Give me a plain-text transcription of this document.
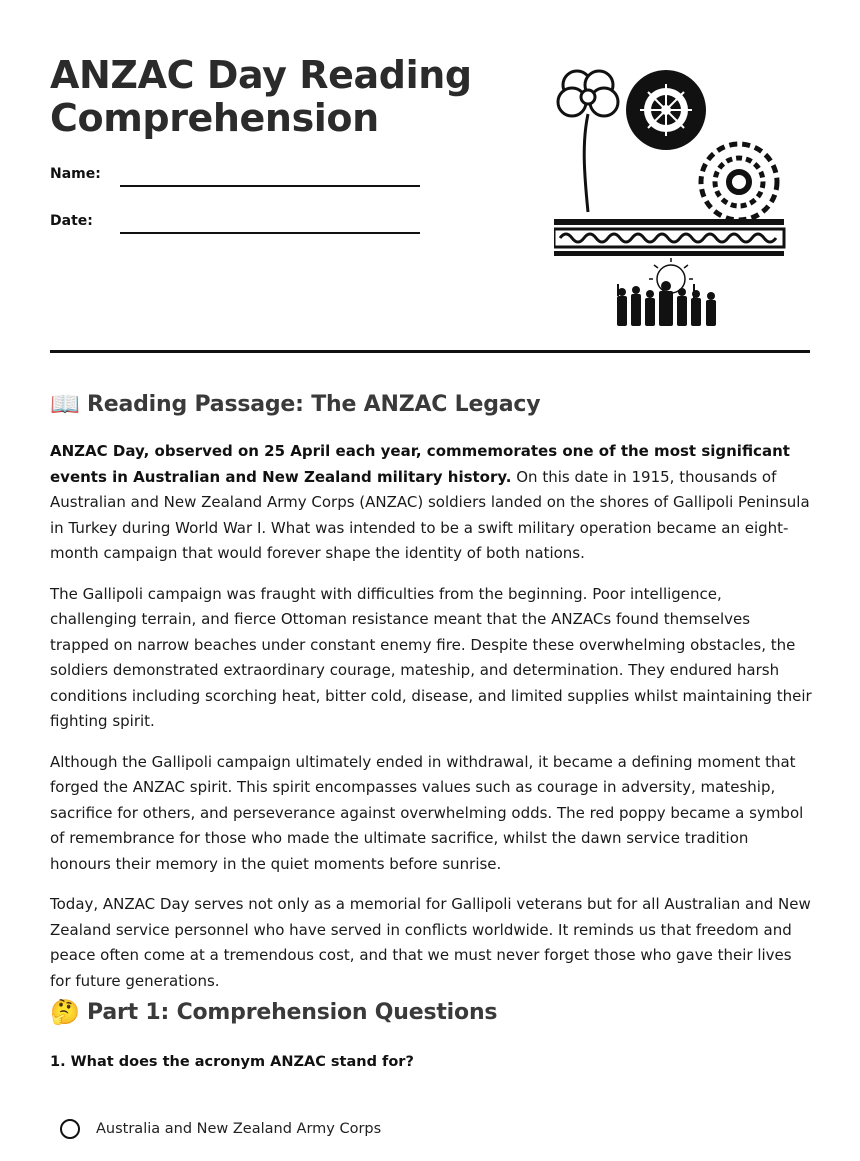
ANZAC Day Reading Comprehension
Name:
Date:
📖 Reading Passage: The ANZAC Legacy

ANZAC Day, observed on 25 April each year, commemorates one of the most significant events in Australian and New Zealand military history. On this date in 1915, thousands of Australian and New Zealand Army Corps (ANZAC) soldiers landed on the shores of Gallipoli Peninsula in Turkey during World War I. What was intended to be a swift military operation became an eight-month campaign that would forever shape the identity of both nations.

The Gallipoli campaign was fraught with difficulties from the beginning. Poor intelligence, challenging terrain, and fierce Ottoman resistance meant that the ANZACs found themselves trapped on narrow beaches under constant enemy fire. Despite these overwhelming obstacles, the soldiers demonstrated extraordinary courage, mateship, and determination. They endured harsh conditions including scorching heat, bitter cold, disease, and limited supplies whilst maintaining their fighting spirit.

Although the Gallipoli campaign ultimately ended in withdrawal, it became a defining moment that forged the ANZAC spirit. This spirit encompasses values such as courage in adversity, mateship, sacrifice for others, and perseverance against overwhelming odds. The red poppy became a symbol of remembrance for those who made the ultimate sacrifice, whilst the dawn service tradition honours their memory in the quiet moments before sunrise.

Today, ANZAC Day serves not only as a memorial for Gallipoli veterans but for all Australian and New Zealand service personnel who have served in conflicts worldwide. It reminds us that freedom and peace often come at a tremendous cost, and that we must never forget those who gave their lives for future generations.

🤔 Part 1: Comprehension Questions
1. What does the acronym ANZAC stand for?
Australia and New Zealand Army Corps
